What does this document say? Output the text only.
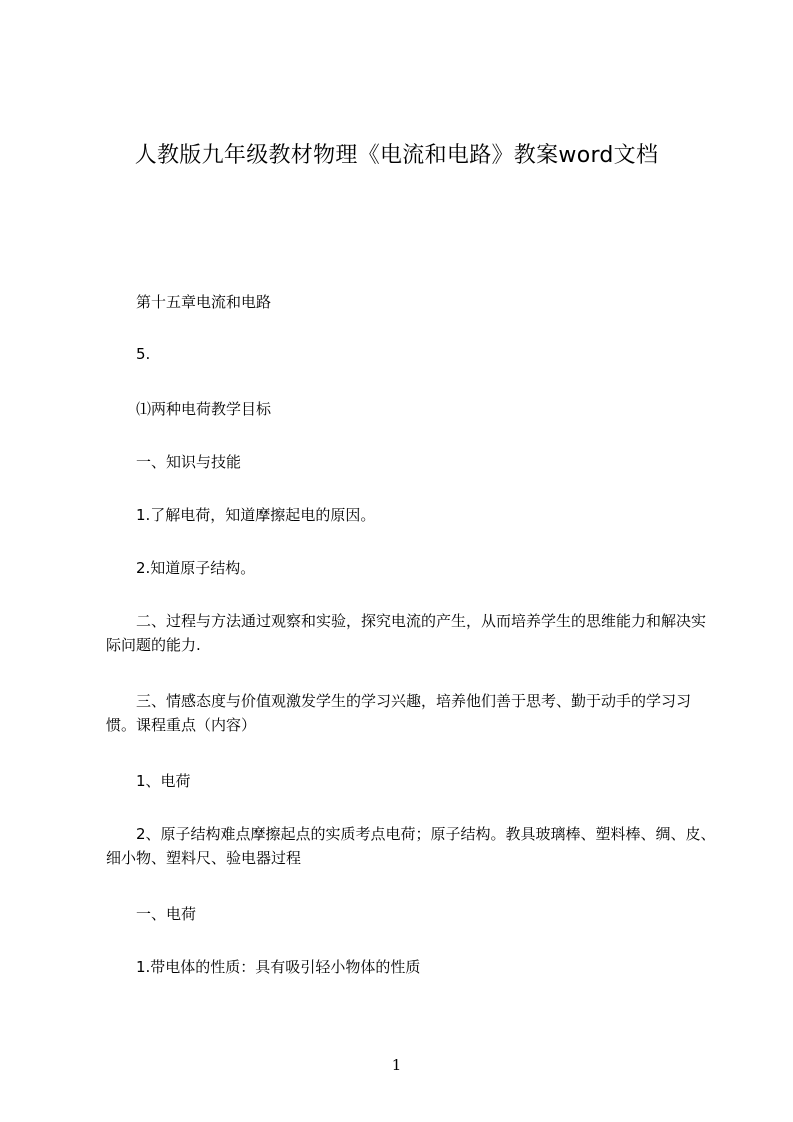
人教版九年级教材物理《电流和电路》教案word文档
第十五章电流和电路
5.
⑴两种电荷教学目标
一、知识与技能
1.了解电荷，知道摩擦起电的原因。
2.知道原子结构。
二、过程与方法通过观察和实验，探究电流的产生，从而培养学生的思维能力和解决实际问题的能力.
三、情感态度与价值观激发学生的学习兴趣，培养他们善于思考、勤于动手的学习习惯。课程重点（内容）
1、电荷
2、原子结构难点摩擦起点的实质考点电荷；原子结构。教具玻璃棒、塑料棒、绸、皮、细小物、塑料尺、验电器过程
一、电荷
1.带电体的性质：具有吸引轻小物体的性质
1
